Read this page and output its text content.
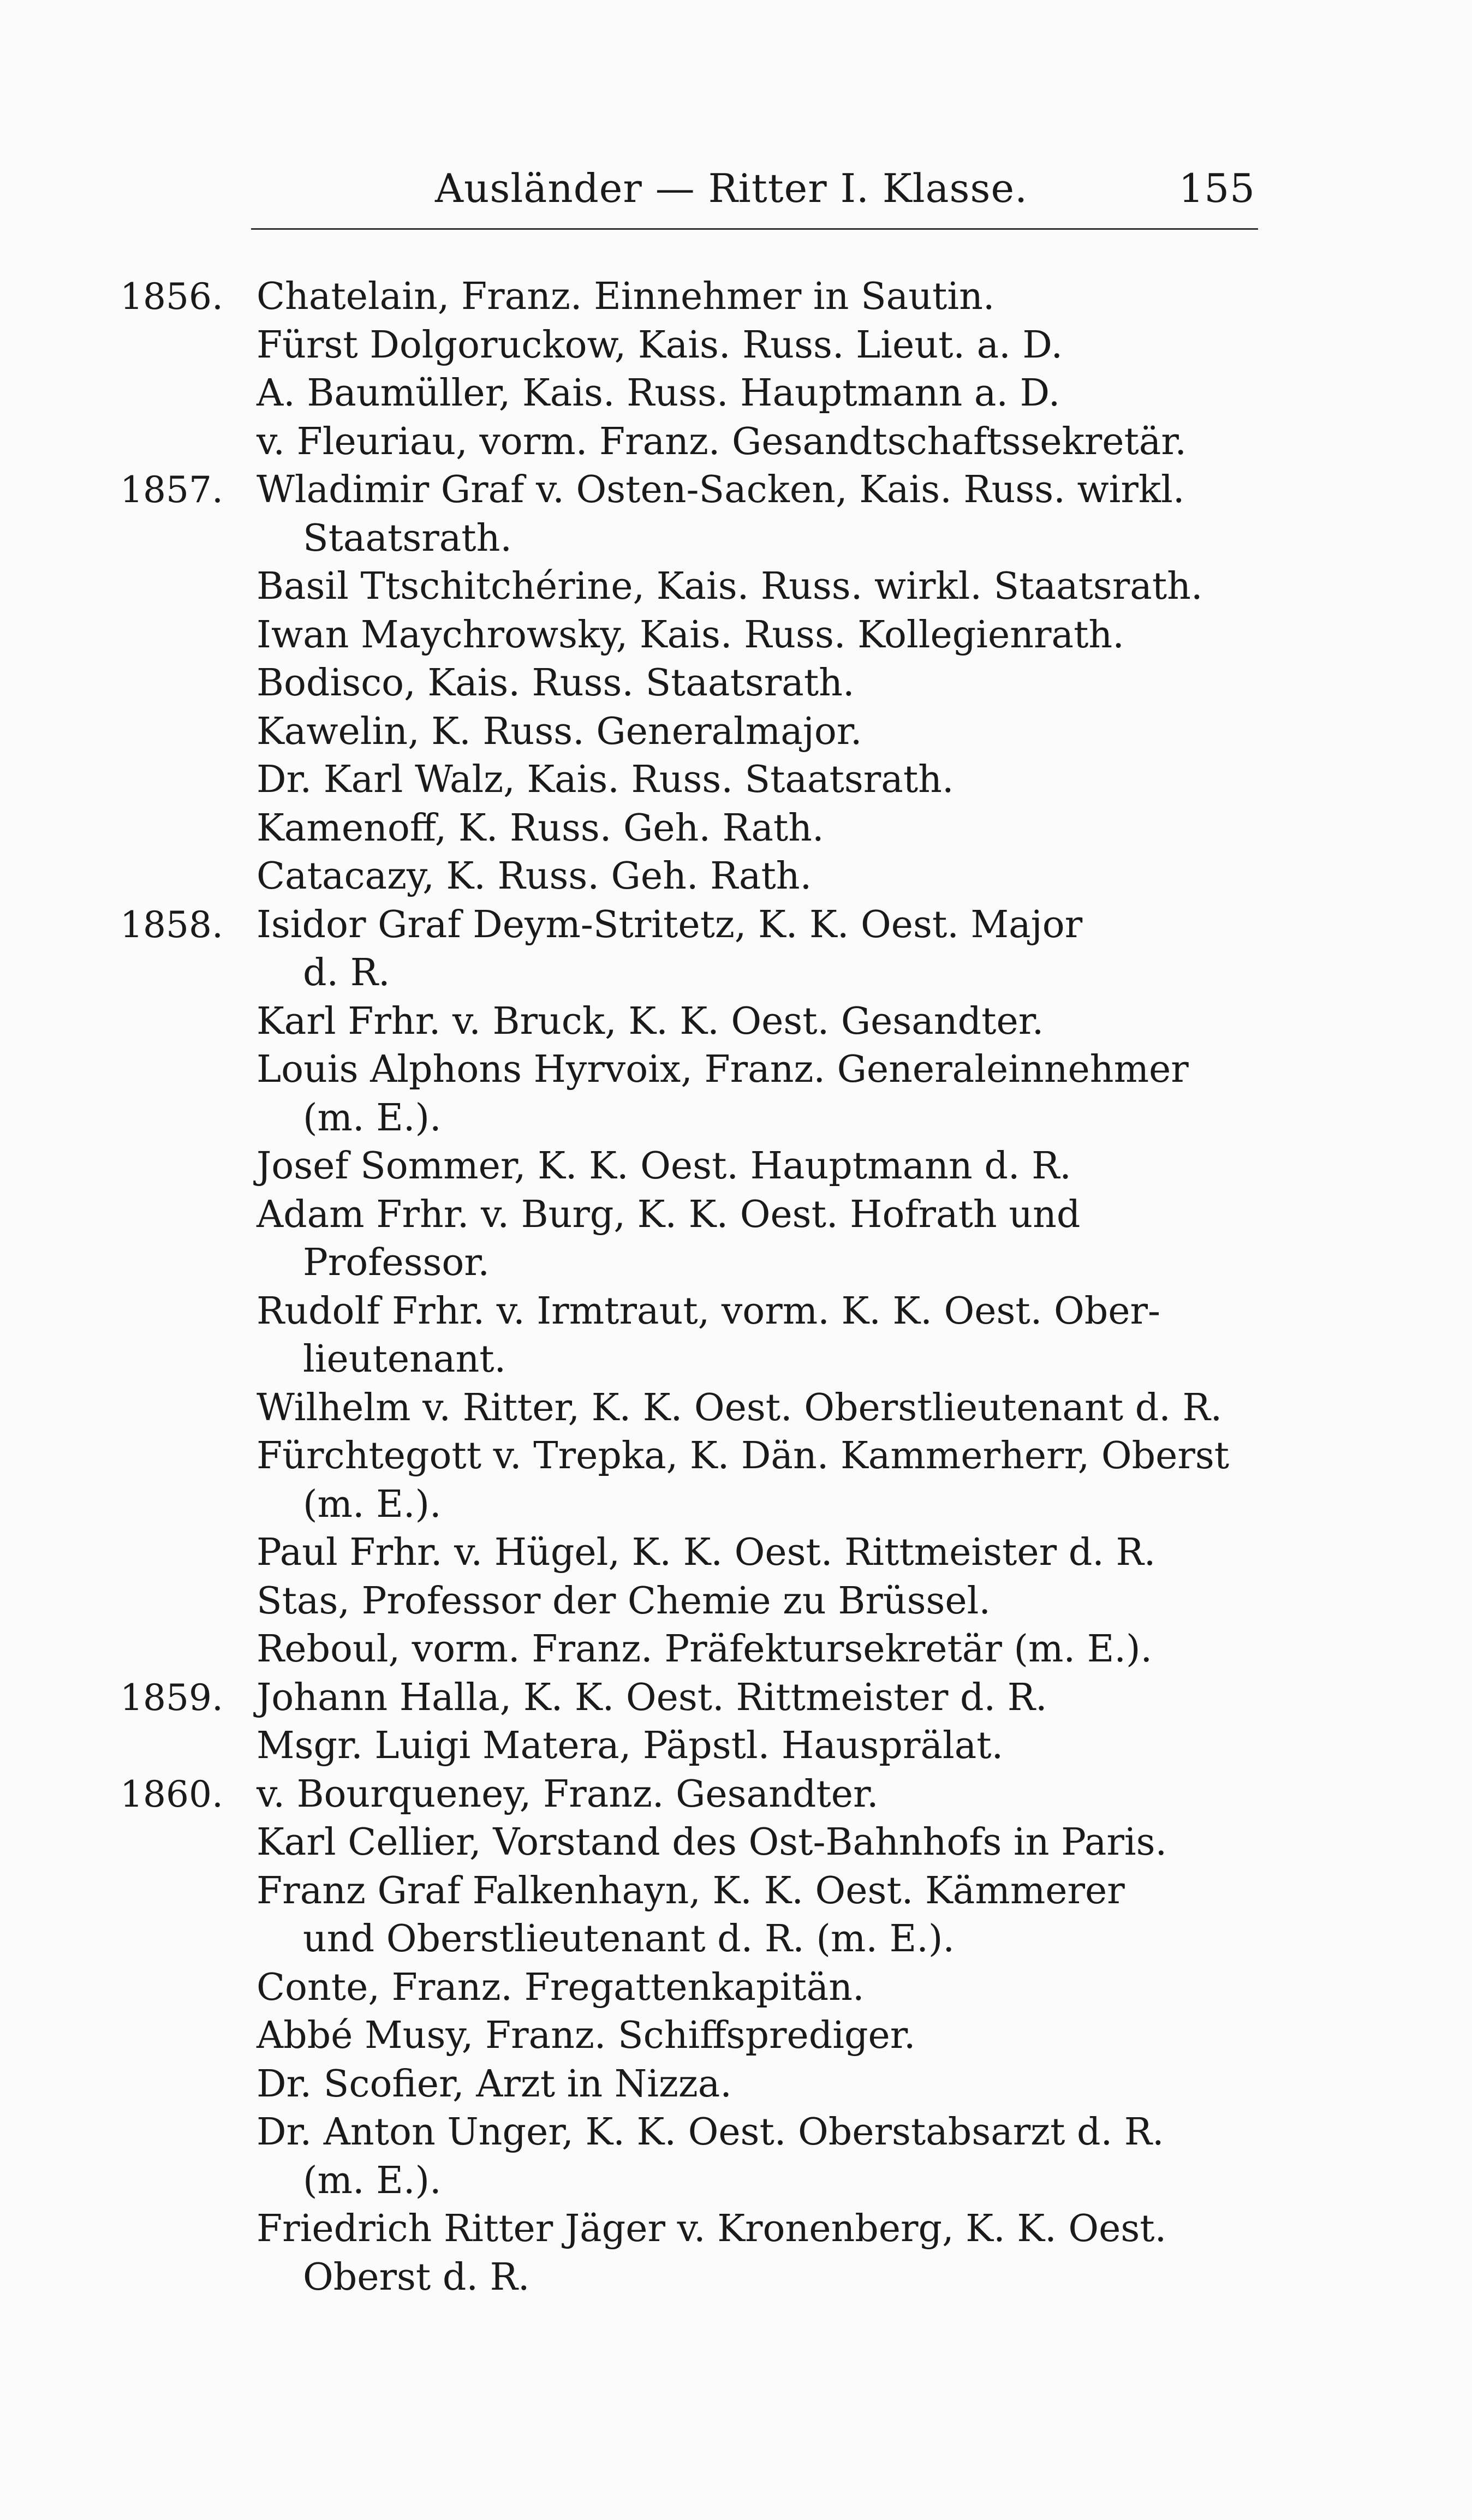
Ausländer — Ritter I. Klasse.	155
1856. Chatelain, Franz. Einnehmer in Sautin.
Fürst Dolgoruckow, Kais. Russ. Lieut. a. D.
A. Baumüller, Kais. Russ. Hauptmann a. D.
v. Fleuriau, vorm. Franz. Gesandtschaftssekretär.
1857. Wladimir Graf v. Osten-Sacken, Kais. Russ. wirkl.
Staatsrath.
Basil Ttschitchérine, Kais. Russ. wirkl. Staatsrath.
Iwan Maychrowsky, Kais. Russ. Kollegienrath.
Bodisco, Kais. Russ. Staatsrath.
Kawelin, K. Russ. Generalmajor.
Dr. Karl Walz, Kais. Russ. Staatsrath.
Kamenoff, K. Russ. Geh. Rath.
Catacazy, K. Russ. Geh. Rath.
1858. Isidor Graf Deym-Stritetz, K. K. Oest. Major
d. R.
Karl Frhr. v. Bruck, K. K. Oest. Gesandter.
Louis Alphons Hyrvoix, Franz. Generaleinnehmer
(m. E.).
Josef Sommer, K. K. Oest. Hauptmann d. R.
Adam Frhr. v. Burg, K. K. Oest. Hofrath und
Professor.
Rudolf Frhr. v. Irmtraut, vorm. K. K. Oest. Ober-
lieutenant.
Wilhelm v. Ritter, K. K. Oest. Oberstlieutenant d. R.
Fürchtegott v. Trepka, K. Dän. Kammerherr, Oberst
(m. E.).
Paul Frhr. v. Hügel, K. K. Oest. Rittmeister d. R.
Stas, Professor der Chemie zu Brüssel.
Reboul, vorm. Franz. Präfektursekretär (m. E.).
1859. Johann Halla, K. K. Oest. Rittmeister d. R.
Msgr. Luigi Matera, Päpstl. Hausprälat.
1860. v. Bourqueney, Franz. Gesandter.
Karl Cellier, Vorstand des Ost-Bahnhofs in Paris.
Franz Graf Falkenhayn, K. K. Oest. Kämmerer
und Oberstlieutenant d. R. (m. E.).
Conte, Franz. Fregattenkapitän.
Abbé Musy, Franz. Schiffsprediger.
Dr. Scofier, Arzt in Nizza.
Dr. Anton Unger, K. K. Oest. Oberstabsarzt d. R.
(m. E.).
Friedrich Ritter Jäger v. Kronenberg, K. K. Oest.
Oberst d. R.
